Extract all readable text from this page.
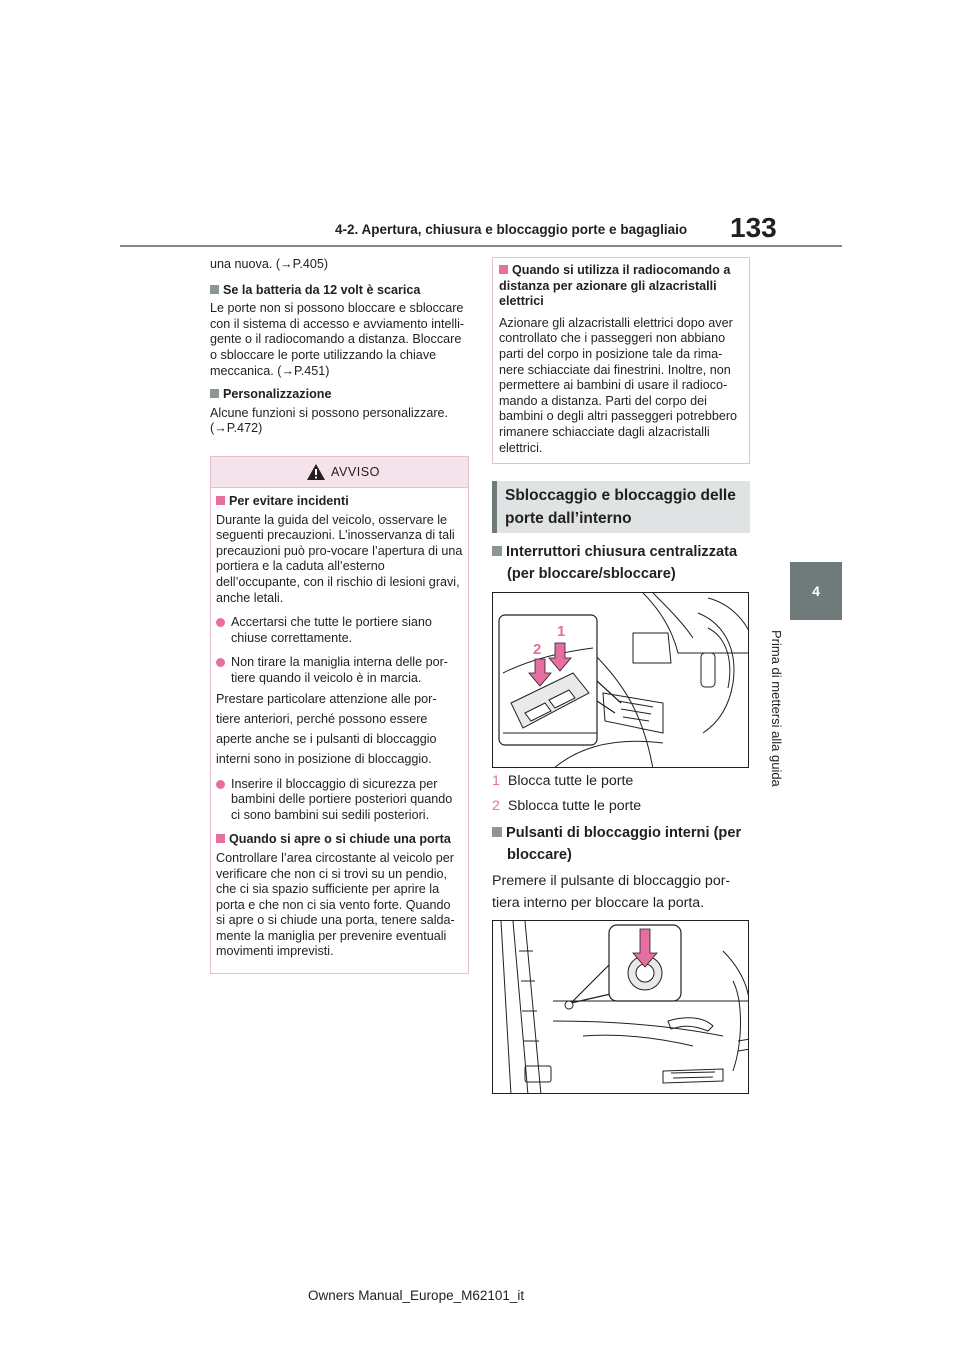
4-2. Apertura, chiusura e bloccaggio porte e bagagliaio 133
4
Prima di mettersi alla guida

una nuova. (→P.405)

Se la batteria da 12 volt è scarica

Le porte non si possono bloccare e sbloccare con il sistema di accesso e avviamento intelli-gente o il radiocomando a distanza. Bloccare o sbloccare le porte utilizzando la chiave meccanica. (→P.451)

Personalizzazione

Alcune funzioni si possono personalizzare. (→P.472)

AVVISO

Per evitare incidenti

Durante la guida del veicolo, osservare le seguenti precauzioni. L’inosservanza di tali precauzioni può pro-vocare l’apertura di una portiera e la caduta all’esterno dell’occupante, con il rischio di lesioni gravi, anche letali.

Accertarsi che tutte le portiere siano chiuse correttamente.

Non tirare la maniglia interna delle por-tiere quando il veicolo è in marcia.

Prestare particolare attenzione alle por-

tiere anteriori, perché possono essere

aperte anche se i pulsanti di bloccaggio

interni sono in posizione di bloccaggio.

Inserire il bloccaggio di sicurezza per bambini delle portiere posteriori quando ci sono bambini sui sedili posteriori.

Quando si apre o si chiude una porta

Controllare l’area circostante al veicolo per verificare che non ci si trovi su un pendio, che ci sia spazio sufficiente per aprire la porta e che non ci sia vento forte. Quando si apre o si chiude una porta, tenere salda-mente la maniglia per prevenire eventuali movimenti imprevisti.

Quando si utilizza il radiocomando a distanza per azionare gli alzacristalli elettrici

Azionare gli alzacristalli elettrici dopo aver controllato che i passeggeri non abbiano parti del corpo in posizione tale da rima-nere schiacciate dai finestrini. Inoltre, non permettere ai bambini di usare il radioco-mando a distanza. Parti del corpo dei bambini o degli altri passeggeri potrebbero rimanere schiacciate dagli alzacristalli elettrici.

Sbloccaggio e bloccaggio delle
porte dall’interno

Interruttori chiusura centralizzata

(per bloccare/sbloccare)

1
2

1 Blocca tutte le porte

2 Sblocca tutte le porte

Pulsanti di bloccaggio interni (per

bloccare)

Premere il pulsante di bloccaggio por-

tiera interno per bloccare la porta.

Owners Manual_Europe_M62101_it
